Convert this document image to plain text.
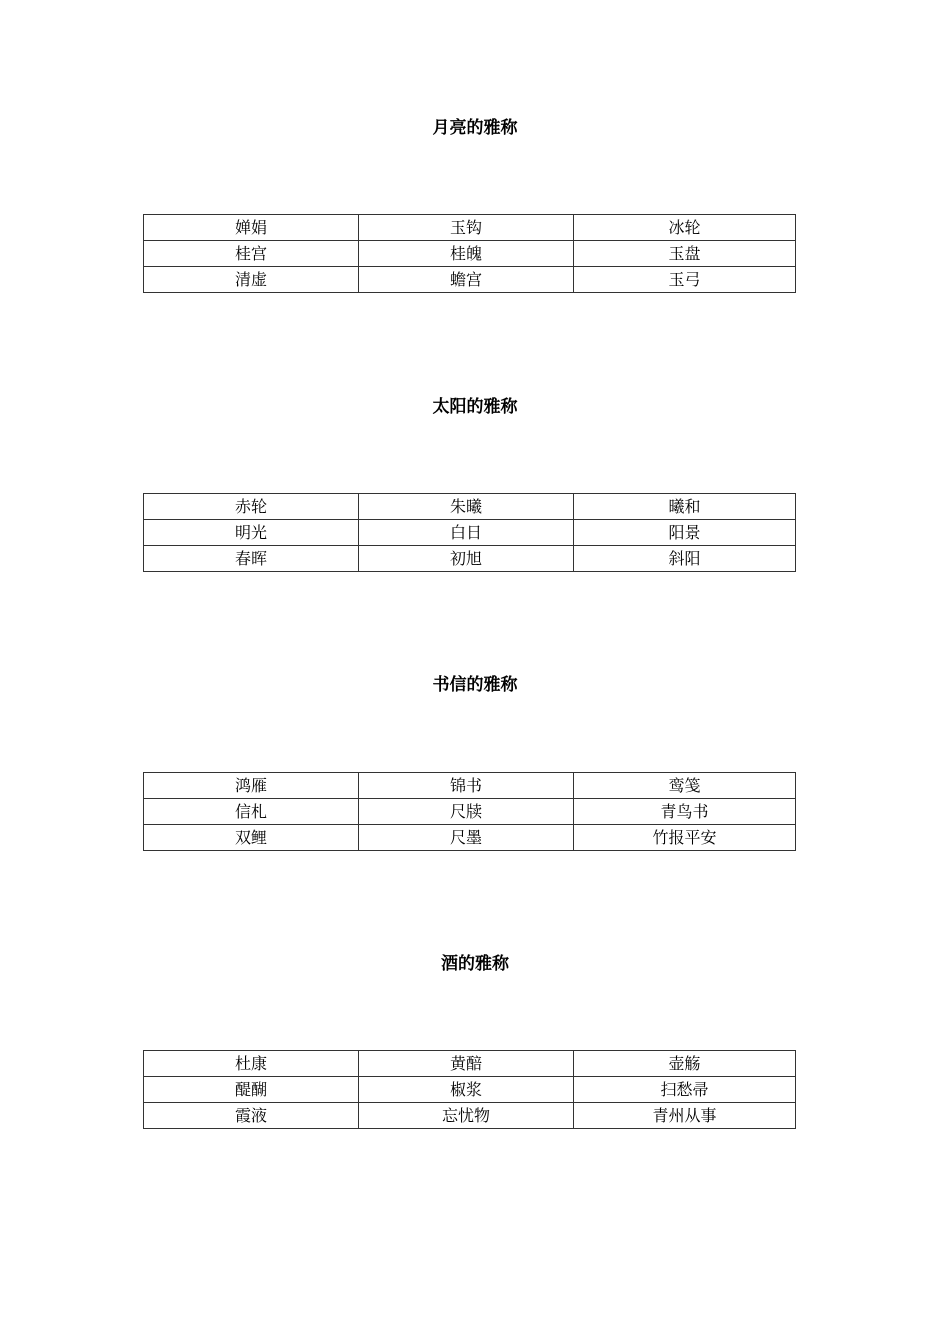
月亮的雅称
婵娟	玉钩	冰轮
桂宫	桂魄	玉盘
清虚	蟾宫	玉弓
太阳的雅称
赤轮	朱曦	曦和
明光	白日	阳景
春晖	初旭	斜阳
书信的雅称
鸿雁	锦书	鸾笺
信札	尺牍	青鸟书
双鲤	尺墨	竹报平安
酒的雅称
杜康	黄醅	壶觞
醍醐	椒浆	扫愁帚
霞液	忘忧物	青州从事
